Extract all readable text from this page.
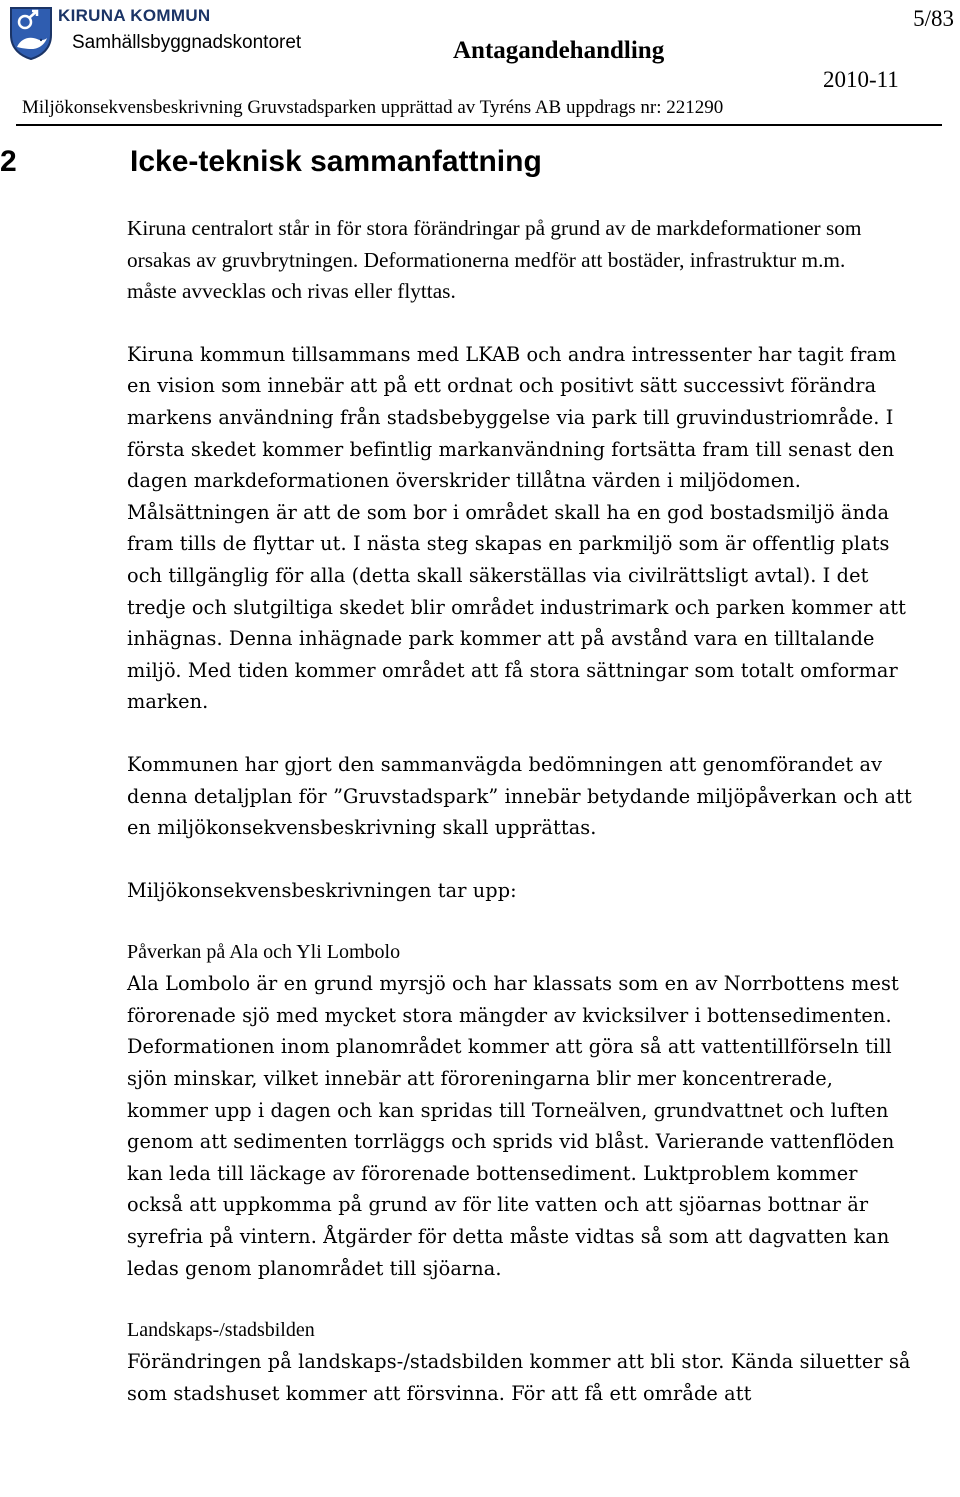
KIRUNA KOMMUN
Samhällsbyggnadskontoret	Antagandehandling
5/83
2010-11
Miljökonsekvensbeskrivning Gruvstadsparken upprättad av Tyréns AB uppdrags nr: 221290
2	Icke-teknisk sammanfattning

Kiruna centralort står in för stora förändringar på grund av de markdeformationer som orsakas av gruvbrytningen. Deformationerna medför att bostäder, infrastruktur m.m. måste avvecklas och rivas eller flyttas.

Kiruna kommun tillsammans med LKAB och andra intressenter har tagit fram en vision som innebär att på ett ordnat och positivt sätt successivt förändra markens användning från stadsbebyggelse via park till gruvindustriområde. I första skedet kommer befintlig markanvändning fortsätta fram till senast den dagen markdeformationen överskrider tillåtna värden i miljödomen. Målsättningen är att de som bor i området skall ha en god bostadsmiljö ända fram tills de flyttar ut. I nästa steg skapas en parkmiljö som är offentlig plats och tillgänglig för alla (detta skall säkerställas via civilrättsligt avtal). I det tredje och slutgiltiga skedet blir området industrimark och parken kommer att inhägnas. Denna inhägnade park kommer att på avstånd vara en tilltalande miljö. Med tiden kommer området att få stora sättningar som totalt omformar marken.

Kommunen har gjort den sammanvägda bedömningen att genomförandet av denna detaljplan för ”Gruvstadspark” innebär betydande miljöpåverkan och att en miljökonsekvensbeskrivning skall upprättas.

Miljökonsekvensbeskrivningen tar upp:

Påverkan på Ala och Yli Lombolo

Ala Lombolo är en grund myrsjö och har klassats som en av Norrbottens mest förorenade sjö med mycket stora mängder av kvicksilver i bottensedimenten. Deformationen inom planområdet kommer att göra så att vattentillförseln till sjön minskar, vilket innebär att föroreningarna blir mer koncentrerade, kommer upp i dagen och kan spridas till Torneälven, grundvattnet och luften genom att sedimenten torrläggs och sprids vid blåst. Varierande vattenflöden kan leda till läckage av förorenade bottensediment. Luktproblem kommer också att uppkomma på grund av för lite vatten och att sjöarnas bottnar är syrefria på vintern. Åtgärder för detta måste vidtas så som att dagvatten kan ledas genom planområdet till sjöarna.

Landskaps-/stadsbilden

Förändringen på landskaps-/stadsbilden kommer att bli stor. Kända siluetter så som stadshuset kommer att försvinna. För att få ett område att
